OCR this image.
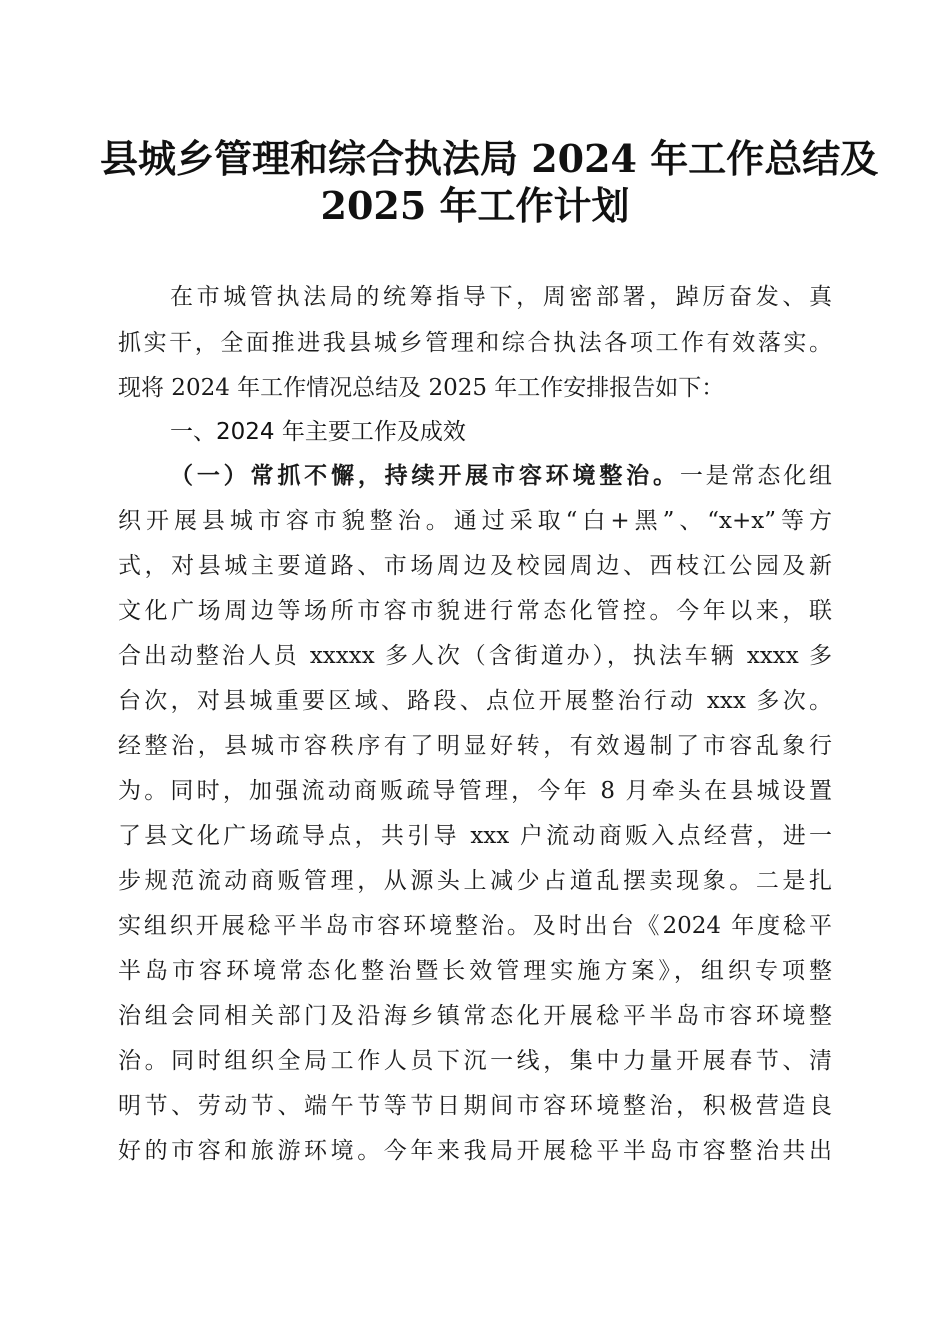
县城乡管理和综合执法局 2024 年工作总结及
2025 年工作计划
在市城管执法局的统筹指导下，周密部署，踔厉奋发、真
抓实干，全面推进我县城乡管理和综合执法各项工作有效落实。
现将 2024 年工作情况总结及 2025 年工作安排报告如下：
一、2024 年主要工作及成效
（一）常抓不懈，持续开展市容环境整治。一是常态化组
织开展县城市容市貌整治。通过采取“白+黑”、“x+x”等方
式，对县城主要道路、市场周边及校园周边、西枝江公园及新
文化广场周边等场所市容市貌进行常态化管控。今年以来，联
合出动整治人员 xxxxx 多人次（含街道办），执法车辆 xxxx 多
台次，对县城重要区域、路段、点位开展整治行动 xxx 多次。
经整治，县城市容秩序有了明显好转，有效遏制了市容乱象行
为。同时，加强流动商贩疏导管理，今年 8 月牵头在县城设置
了县文化广场疏导点，共引导 xxx 户流动商贩入点经营，进一
步规范流动商贩管理，从源头上减少占道乱摆卖现象。二是扎
实组织开展稔平半岛市容环境整治。及时出台《2024 年度稔平
半岛市容环境常态化整治暨长效管理实施方案》，组织专项整
治组会同相关部门及沿海乡镇常态化开展稔平半岛市容环境整
治。同时组织全局工作人员下沉一线，集中力量开展春节、清
明节、劳动节、端午节等节日期间市容环境整治，积极营造良
好的市容和旅游环境。今年来我局开展稔平半岛市容整治共出
